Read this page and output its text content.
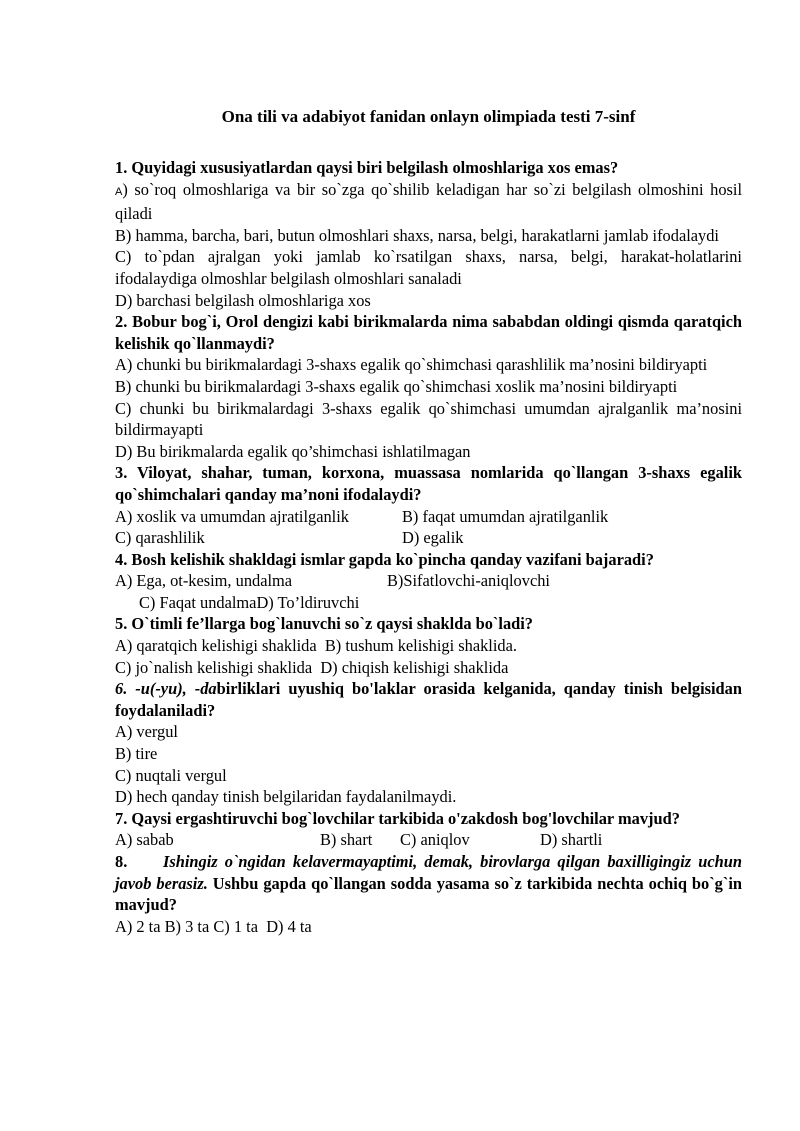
Ona tili va adabiyot fanidan onlayn olimpiada testi 7-sinf
1. Quyidagi xususiyatlardan qaysi biri belgilash olmoshlariga xos emas?
A) so`roq olmoshlariga va bir so`zga qo`shilib keladigan har so`zi belgilash olmoshini hosil qiladi
B) hamma, barcha, bari, butun olmoshlari shaxs, narsa, belgi, harakatlarni jamlab ifodalaydi
C) to`pdan ajralgan yoki jamlab ko`rsatilgan shaxs, narsa, belgi, harakat-holatlarini ifodalaydiga olmoshlar belgilash olmoshlari sanaladi
D) barchasi belgilash olmoshlariga xos
2. Bobur bog`i, Orol dengizi kabi birikmalarda nima sababdan oldingi qismda qaratqich kelishik qo`llanmaydi?
A) chunki bu birikmalardagi 3-shaxs egalik qo`shimchasi qarashlilik ma’nosini bildiryapti
B) chunki bu birikmalardagi 3-shaxs egalik qo`shimchasi xoslik ma’nosini bildiryapti
C) chunki bu birikmalardagi 3-shaxs egalik qo`shimchasi umumdan ajralganlik ma’nosini bildirmayapti
D) Bu birikmalarda egalik qo’shimchasi ishlatilmagan
3. Viloyat, shahar, tuman, korxona, muassasa nomlarida qo`llangan 3-shaxs egalik qo`shimchalari qanday ma’noni ifodalaydi?
A) xoslik va umumdan ajratilganlik	B) faqat umumdan ajratilganlik
C) qarashlilik	D) egalik
4. Bosh kelishik shakldagi ismlar gapda ko`pincha qanday vazifani bajaradi?
A) Ega, ot-kesim, undalma	B)Sifatlovchi-aniqlovchi
C) Faqat undalma D) To’ldiruvchi
5. O`timli fe’llarga bog`lanuvchi so`z qaysi shaklda bo`ladi?
A) qaratqich kelishigi shaklida
B) tushum kelishigi shaklida.
C) jo`nalish kelishigi shaklida
D) chiqish kelishigi shaklida
6. -u(-yu), -dabirliklari uyushiq bo'laklar orasida kelganida, qanday tinish belgisidan foydalaniladi?
A) vergul
B) tire
C) nuqtali vergul
D) hech qanday tinish belgilaridan faydalanilmaydi.
7. Qaysi ergashtiruvchi bog`lovchilar tarkibida o'zakdosh bog'lovchilar mavjud?
A) sabab	B) shart	C) aniqlov	D) shartli
8. Ishingiz o`ngidan kelavermayaptimi, demak, birovlarga qilgan baxilligingiz uchun javob berasiz. Ushbu gapda qo`llangan sodda yasama so`z tarkibida nechta ochiq bo`g`in mavjud?
A) 2 ta
B) 3 ta
C) 1 ta
D) 4 ta
